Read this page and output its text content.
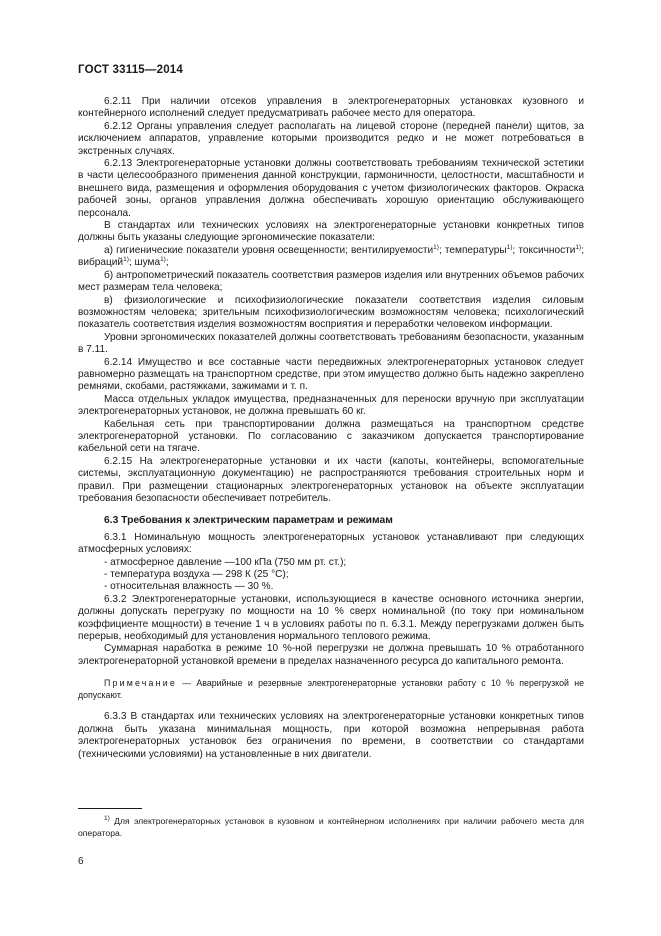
ГОСТ 33115—2014

6.2.11 При наличии отсеков управления в электрогенераторных установках кузовного и контейнерного исполнений следует предусматривать рабочее место для оператора.

6.2.12 Органы управления следует располагать на лицевой стороне (передней панели) щитов, за исключением аппаратов, управление которыми производится редко и не может потребоваться в экстренных случаях.

6.2.13 Электрогенераторные установки должны соответствовать требованиям технической эстетики в части целесообразного применения данной конструкции, гармоничности, целостности, масштабности и внешнего вида, размещения и оформления оборудования с учетом физиологических факторов. Окраска рабочей зоны, органов управления должна обеспечивать хорошую ориентацию обслуживающего персонала.

В стандартах или технических условиях на электрогенераторные установки конкретных типов должны быть указаны следующие эргономические показатели:

а) гигиенические показатели уровня освещенности; вентилируемости$^{1)}$; температуры$^{1)}$; токсичности$^{1)}$; вибраций$^{1)}$; шума$^{1)}$;

б) антропометрический показатель соответствия размеров изделия или внутренних объемов рабочих мест размерам тела человека;

в) физиологические и психофизиологические показатели соответствия изделия силовым возможностям человека; зрительным психофизиологическим возможностям человека; психологический показатель соответствия изделия возможностям восприятия и переработки человеком информации.

Уровни эргономических показателей должны соответствовать требованиям безопасности, указанным в 7.11.

6.2.14 Имущество и все составные части передвижных электрогенераторных установок следует равномерно размещать на транспортном средстве, при этом имущество должно быть надежно закреплено ремнями, скобами, растяжками, зажимами и т. п.

Масса отдельных укладок имущества, предназначенных для переноски вручную при эксплуатации электрогенераторных установок, не должна превышать 60 кг.

Кабельная сеть при транспортировании должна размещаться на транспортном средстве электрогенераторной установки. По согласованию с заказчиком допускается транспортирование кабельной сети на тягаче.

6.2.15 На электрогенераторные установки и их части (капоты, контейнеры, вспомогательные системы, эксплуатационную документацию) не распространяются требования строительных норм и правил. При размещении стационарных электрогенераторных установок на объекте эксплуатации требования безопасности обеспечивает потребитель.

6.3 Требования к электрическим параметрам и режимам

6.3.1 Номинальную мощность электрогенераторных установок устанавливают при следующих атмосферных условиях:

- атмосферное давление —100 кПа (750 мм рт. ст.);

- температура воздуха — 298 К (25 °С);

- относительная влажность — 30 %.

6.3.2 Электрогенераторные установки, использующиеся в качестве основного источника энергии, должны допускать перегрузку по мощности на 10 % сверх номинальной (по току при номинальном коэффициенте мощности) в течение 1 ч в условиях работы по п. 6.3.1. Между перегрузками должен быть перерыв, необходимый для установления нормального теплового режима.

Суммарная наработка в режиме 10 %-ной перегрузки не должна превышать 10 % отработанного электрогенераторной установкой времени в пределах назначенного ресурса до капитального ремонта.

Примечание — Аварийные и резервные электрогенераторные установки работу с 10 % перегрузкой не допускают.

6.3.3 В стандартах или технических условиях на электрогенераторные установки конкретных типов должна быть указана минимальная мощность, при которой возможна непрерывная работа электрогенераторных установок без ограничения по времени, в соответствии со стандартами (техническими условиями) на установленные в них двигатели.

$^{1)}$ Для электрогенераторных установок в кузовном и контейнерном исполнениях при наличии рабочего места для оператора.
6
